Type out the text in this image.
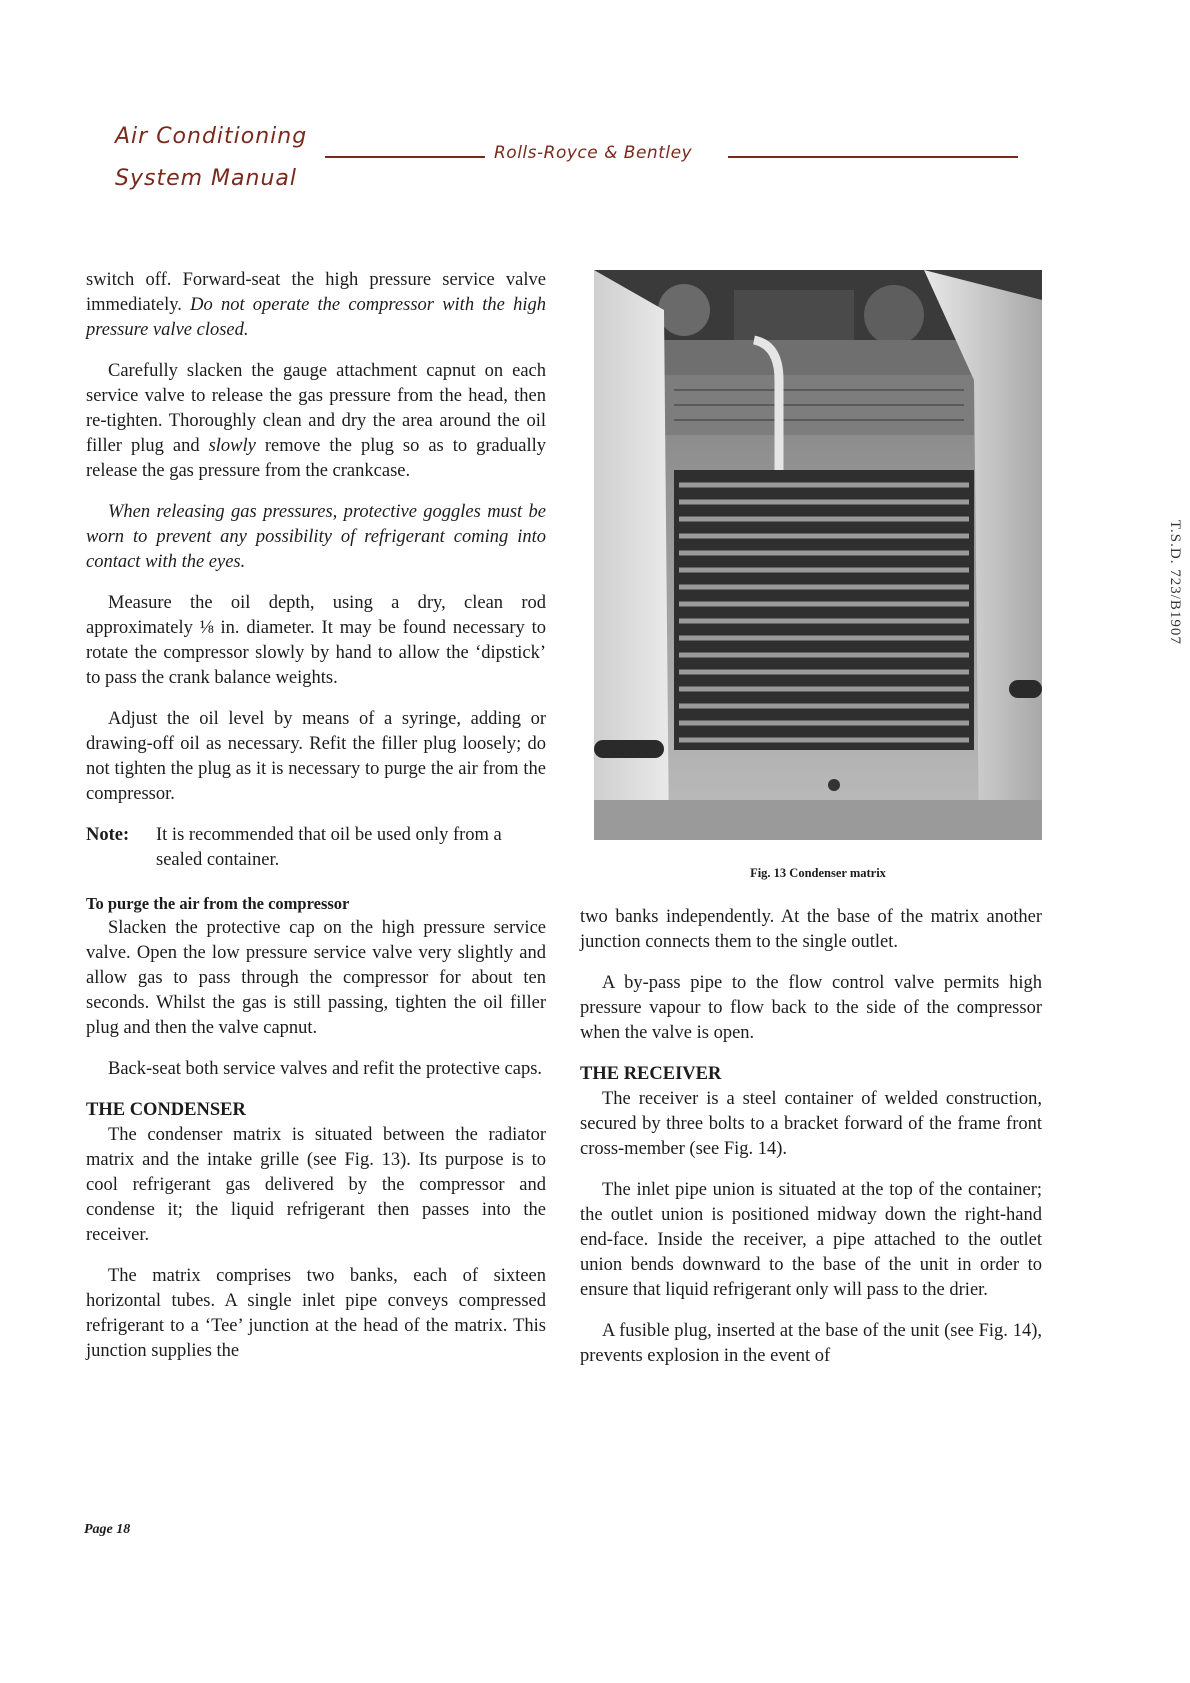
Air Conditioning
System Manual
Rolls-Royce & Bentley

switch off. Forward-seat the high pressure service valve immediately. Do not operate the compressor with the high pressure valve closed.

Carefully slacken the gauge attachment capnut on each service valve to release the gas pressure from the head, then re-tighten. Thoroughly clean and dry the area around the oil filler plug and slowly remove the plug so as to gradually release the gas pressure from the crankcase.

When releasing gas pressures, protective goggles must be worn to prevent any possibility of refrigerant coming into contact with the eyes.

Measure the oil depth, using a dry, clean rod approximately ⅛ in. diameter. It may be found necessary to rotate the compressor slowly by hand to allow the ‘dipstick’ to pass the crank balance weights.

Adjust the oil level by means of a syringe, adding or drawing-off oil as necessary. Refit the filler plug loosely; do not tighten the plug as it is necessary to purge the air from the compressor.

Note:	It is recommended that oil be used only from a sealed container.
To purge the air from the compressor

Slacken the protective cap on the high pressure service valve. Open the low pressure service valve very slightly and allow gas to pass through the compressor for about ten seconds. Whilst the gas is still passing, tighten the oil filler plug and then the valve capnut.

Back-seat both service valves and refit the protective caps.

THE CONDENSER

The condenser matrix is situated between the radiator matrix and the intake grille (see Fig. 13). Its purpose is to cool refrigerant gas delivered by the compressor and condense it; the liquid refrigerant then passes into the receiver.

The matrix comprises two banks, each of sixteen horizontal tubes. A single inlet pipe conveys compressed refrigerant to a ‘Tee’ junction at the head of the matrix. This junction supplies the

Fig. 13 Condenser matrix

two banks independently. At the base of the matrix another junction connects them to the single outlet.

A by-pass pipe to the flow control valve permits high pressure vapour to flow back to the side of the compressor when the valve is open.

THE RECEIVER

The receiver is a steel container of welded construction, secured by three bolts to a bracket forward of the frame front cross-member (see Fig. 14).

The inlet pipe union is situated at the top of the container; the outlet union is positioned midway down the right-hand end-face. Inside the receiver, a pipe attached to the outlet union bends downward to the base of the unit in order to ensure that liquid refrigerant only will pass to the drier.

A fusible plug, inserted at the base of the unit (see Fig. 14), prevents explosion in the event of

T.S.D. 723/B1907
Page 18
